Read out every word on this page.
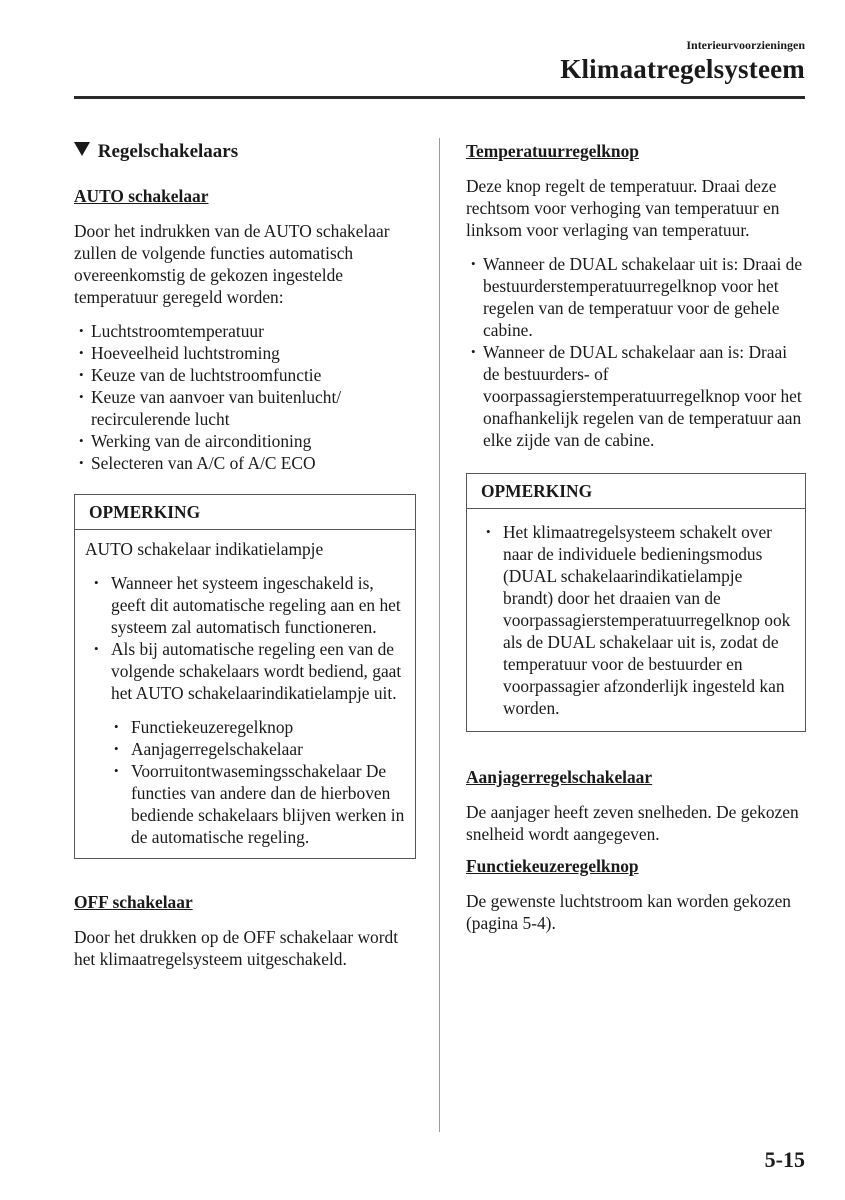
Interieurvoorzieningen
Klimaatregelsysteem
Regelschakelaars
AUTO schakelaar

Door het indrukken van de AUTO schakelaar zullen de volgende functies automatisch overeenkomstig de gekozen ingestelde temperatuur geregeld worden:

• Luchtstroomtemperatuur
• Hoeveelheid luchtstroming
• Keuze van de luchtstroomfunctie
• Keuze van aanvoer van buitenlucht/ recirculerende lucht
• Werking van de airconditioning
• Selecteren van A/C of A/C ECO
OPMERKING

AUTO schakelaar indikatielampje

• Wanneer het systeem ingeschakeld is, geeft dit automatische regeling aan en het systeem zal automatisch functioneren.
• Als bij automatische regeling een van de volgende schakelaars wordt bediend, gaat het AUTO schakelaarindikatielampje uit.
• Functiekeuzeregelknop
• Aanjagerregelschakelaar
• Voorruitontwasemingsschakelaar De functies van andere dan de hierboven bediende schakelaars blijven werken in de automatische regeling.
OFF schakelaar

Door het drukken op de OFF schakelaar wordt het klimaatregelsysteem uitgeschakeld.

Temperatuurregelknop

Deze knop regelt de temperatuur. Draai deze rechtsom voor verhoging van temperatuur en linksom voor verlaging van temperatuur.

• Wanneer de DUAL schakelaar uit is: Draai de bestuurderstemperatuurregelknop voor het regelen van de temperatuur voor de gehele cabine.
• Wanneer de DUAL schakelaar aan is: Draai de bestuurders- of voorpassagierstemperatuurregelknop voor het onafhankelijk regelen van de temperatuur aan elke zijde van de cabine.
OPMERKING
• Het klimaatregelsysteem schakelt over naar de individuele bedieningsmodus (DUAL schakelaarindikatielampje brandt) door het draaien van de voorpassagierstemperatuurregelknop ook als de DUAL schakelaar uit is, zodat de temperatuur voor de bestuurder en voorpassagier afzonderlijk ingesteld kan worden.
Aanjagerregelschakelaar

De aanjager heeft zeven snelheden. De gekozen snelheid wordt aangegeven.

Functiekeuzeregelknop

De gewenste luchtstroom kan worden gekozen (pagina 5-4).

5-15
